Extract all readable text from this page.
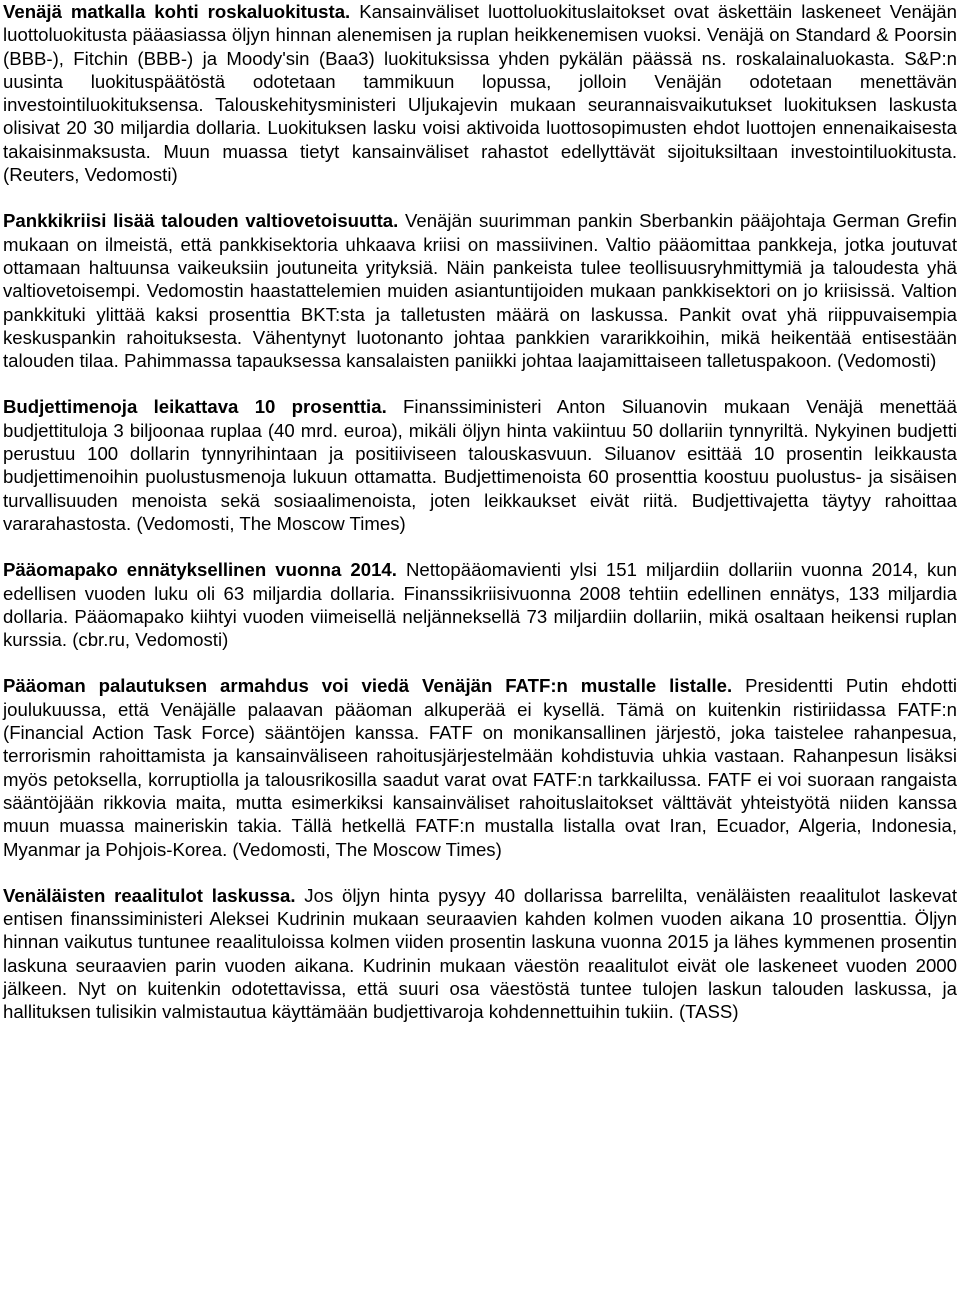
Venäjä matkalla kohti roskaluokitusta. Kansainväliset luottoluokituslaitokset ovat äskettäin laskeneet Venäjän luottoluokitusta pääasiassa öljyn hinnan alenemisen ja ruplan heikkenemisen vuoksi. Venäjä on Standard & Poorsin (BBB-), Fitchin (BBB-) ja Moody'sin (Baa3) luokituksissa yhden pykälän päässä ns. roskalainaluokasta. S&P:n uusinta luokituspäätöstä odotetaan tammikuun lopussa, jolloin Venäjän odotetaan menettävän investointiluokituksensa. Talouskehitysministeri Uljukajevin mukaan seurannaisvaikutukset luokituksen laskusta olisivat 20 30 miljardia dollaria. Luokituksen lasku voisi aktivoida luottosopimusten ehdot luottojen ennenaikaisesta takaisinmaksusta. Muun muassa tietyt kansainväliset rahastot edellyttävät sijoituksiltaan investointiluokitusta. (Reuters, Vedomosti)

Pankkikriisi lisää talouden valtiovetoisuutta. Venäjän suurimman pankin Sberbankin pääjohtaja German Grefin mukaan on ilmeistä, että pankkisektoria uhkaava kriisi on massiivinen. Valtio pääomittaa pankkeja, jotka joutuvat ottamaan haltuunsa vaikeuksiin joutuneita yrityksiä. Näin pankeista tulee teollisuusryhmittymiä ja taloudesta yhä valtiovetoisempi. Vedomostin haastattelemien muiden asiantuntijoiden mukaan pankkisektori on jo kriisissä. Valtion pankkituki ylittää kaksi prosenttia BKT:sta ja talletusten määrä on laskussa. Pankit ovat yhä riippuvaisempia keskuspankin rahoituksesta. Vähentynyt luotonanto johtaa pankkien vararikkoihin, mikä heikentää entisestään talouden tilaa. Pahimmassa tapauksessa kansalaisten paniikki johtaa laajamittaiseen talletuspakoon. (Vedomosti)

Budjettimenoja leikattava 10 prosenttia. Finanssiministeri Anton Siluanovin mukaan Venäjä menettää budjettituloja 3 biljoonaa ruplaa (40 mrd. euroa), mikäli öljyn hinta vakiintuu 50 dollariin tynnyriltä. Nykyinen budjetti perustuu 100 dollarin tynnyrihintaan ja positiiviseen talouskasvuun. Siluanov esittää 10 prosentin leikkausta budjettimenoihin puolustusmenoja lukuun ottamatta. Budjettimenoista 60 prosenttia koostuu puolustus- ja sisäisen turvallisuuden menoista sekä sosiaalimenoista, joten leikkaukset eivät riitä. Budjettivajetta täytyy rahoittaa vararahastosta. (Vedomosti, The Moscow Times)

Pääomapako ennätyksellinen vuonna 2014. Nettopääomavienti ylsi 151 miljardiin dollariin vuonna 2014, kun edellisen vuoden luku oli 63 miljardia dollaria. Finanssikriisivuonna 2008 tehtiin edellinen ennätys, 133 miljardia dollaria. Pääomapako kiihtyi vuoden viimeisellä neljänneksellä 73 miljardiin dollariin, mikä osaltaan heikensi ruplan kurssia. (cbr.ru, Vedomosti)

Pääoman palautuksen armahdus voi viedä Venäjän FATF:n mustalle listalle. Presidentti Putin ehdotti joulukuussa, että Venäjälle palaavan pääoman alkuperää ei kysellä. Tämä on kuitenkin ristiriidassa FATF:n (Financial Action Task Force) sääntöjen kanssa. FATF on monikansallinen järjestö, joka taistelee rahanpesua, terrorismin rahoittamista ja kansainväliseen rahoitusjärjestelmään kohdistuvia uhkia vastaan. Rahanpesun lisäksi myös petoksella, korruptiolla ja talousrikosilla saadut varat ovat FATF:n tarkkailussa. FATF ei voi suoraan rangaista sääntöjään rikkovia maita, mutta esimerkiksi kansainväliset rahoituslaitokset välttävät yhteistyötä niiden kanssa muun muassa maineriskin takia. Tällä hetkellä FATF:n mustalla listalla ovat Iran, Ecuador, Algeria, Indonesia, Myanmar ja Pohjois-Korea. (Vedomosti, The Moscow Times)

Venäläisten reaalitulot laskussa. Jos öljyn hinta pysyy 40 dollarissa barrelilta, venäläisten reaalitulot laskevat entisen finanssiministeri Aleksei Kudrinin mukaan seuraavien kahden kolmen vuoden aikana 10 prosenttia. Öljyn hinnan vaikutus tuntuneе reaalituloissa kolmen viiden prosentin laskuna vuonna 2015 ja lähes kymmenen prosentin laskuna seuraavien parin vuoden aikana. Kudrinin mukaan väestön reaalitulot eivät ole laskeneet vuoden 2000 jälkeen. Nyt on kuitenkin odotettavissa, että suuri osa väestöstä tuntee tulojen laskun talouden laskussa, ja hallituksen tulisikin valmistautua käyttämään budjettivaroja kohdennettuihin tukiin. (TASS)
